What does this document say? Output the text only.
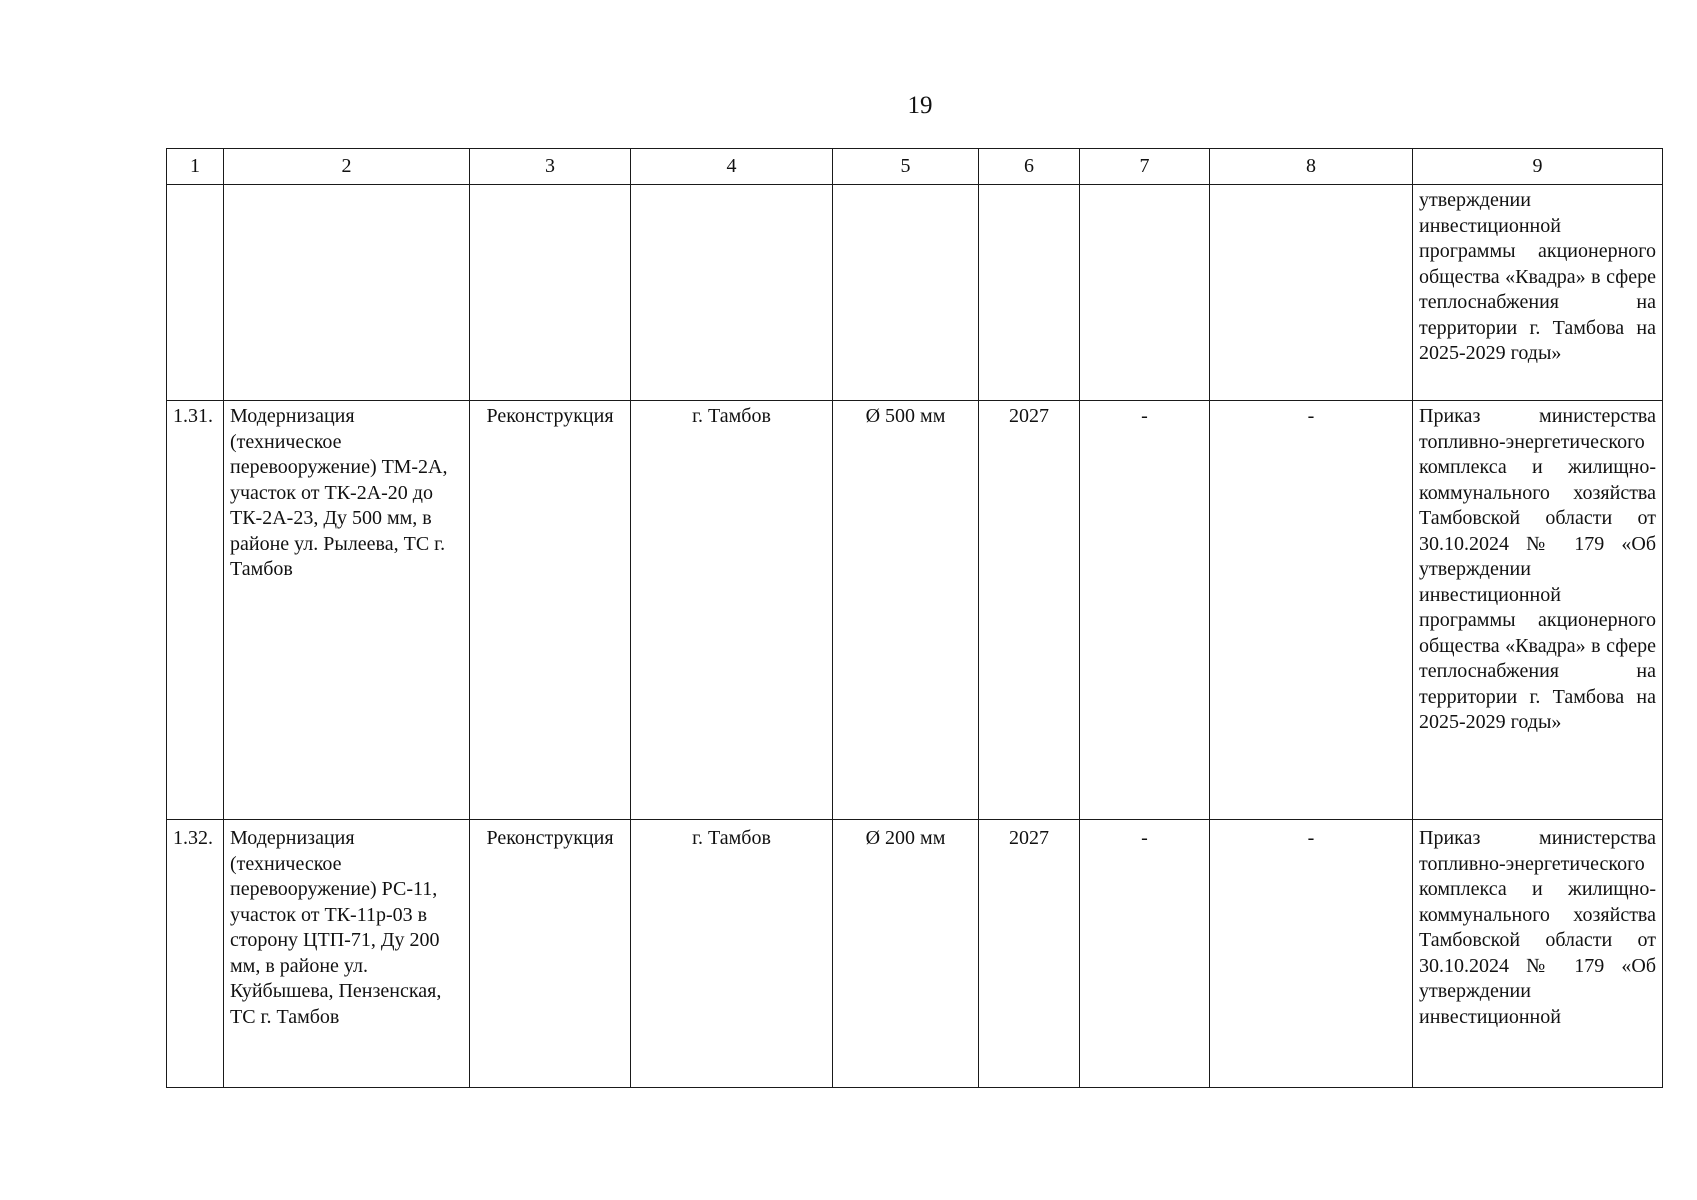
19
1	2	3	4	5	6	7	8	9
								утверждении инвестиционной программы акционерного общества «Квадра» в сфере теплоснабжения на территории г. Тамбова на 2025-2029 годы»
1.31.	Модернизация (техническое перевооружение) ТМ-2А, участок от ТК-2А-20 до ТК-2А-23, Ду 500 мм, в районе ул. Рылеева, ТС г. Тамбов	Реконструкция	г. Тамбов	Ø 500 мм	2027	-	-	Приказ министерства топливно-энергетического комплекса и жилищно-коммунального хозяйства Тамбовской области от 30.10.2024 № 179 «Об утверждении инвестиционной программы акционерного общества «Квадра» в сфере теплоснабжения на территории г. Тамбова на 2025-2029 годы»
1.32.	Модернизация (техническое перевооружение) РС-11, участок от ТК-11р-03 в сторону ЦТП-71, Ду 200 мм, в районе ул. Куйбышева, Пензенская, ТС г. Тамбов	Реконструкция	г. Тамбов	Ø 200 мм	2027	-	-	Приказ министерства топливно-энергетического комплекса и жилищно-коммунального хозяйства Тамбовской области от 30.10.2024 № 179 «Об утверждении инвестиционной
